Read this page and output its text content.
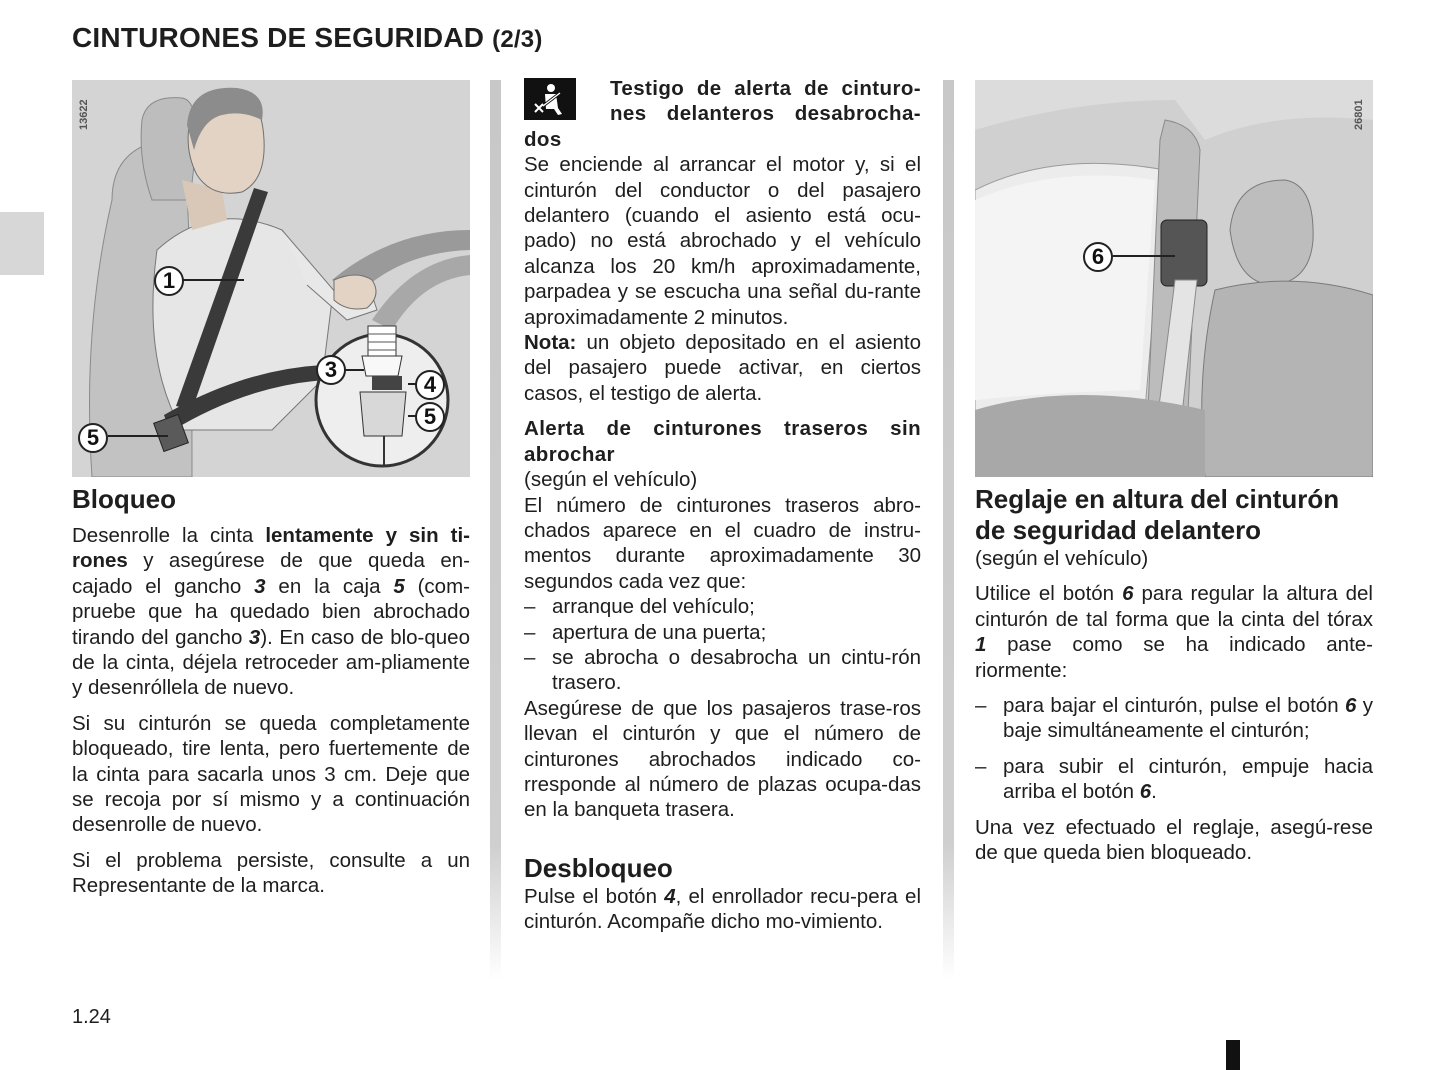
CINTURONES DE SEGURIDAD (2/3)
13622
1
3
4
5
5
26801
6
Bloqueo

Desenrolle la cinta lentamente y sin ti-rones y asegúrese de que queda en-cajado el gancho 3 en la caja 5 (com-pruebe que ha quedado bien abrochado tirando del gancho 3). En caso de blo-queo de la cinta, déjela retroceder am-pliamente y desenróllela de nuevo.

Si su cinturón se queda completamente bloqueado, tire lenta, pero fuertemente de la cinta para sacarla unos 3 cm. Deje que se recoja por sí mismo y a continuación desenrolle de nuevo.

Si el problema persiste, consulte a un Representante de la marca.

Testigo de alerta de cinturo-nes delanteros desabrocha-dos

Se enciende al arrancar el motor y, si el cinturón del conductor o del pasajero delantero (cuando el asiento está ocu-pado) no está abrochado y el vehículo alcanza los 20 km/h aproximadamente, parpadea y se escucha una señal du-rante aproximadamente 2 minutos.

Nota: un objeto depositado en el asiento del pasajero puede activar, en ciertos casos, el testigo de alerta.

Alerta de cinturones traseros sin abrochar

(según el vehículo)

El número de cinturones traseros abro-chados aparece en el cuadro de instru-mentos durante aproximadamente 30 segundos cada vez que:

– arranque del vehículo;
– apertura de una puerta;
– se abrocha o desabrocha un cintu-rón trasero.

Asegúrese de que los pasajeros trase-ros llevan el cinturón y que el número de cinturones abrochados indicado co-rresponde al número de plazas ocupa-das en la banqueta trasera.

Desbloqueo

Pulse el botón 4, el enrollador recu-pera el cinturón. Acompañe dicho mo-vimiento.

Reglaje en altura del cinturón de seguridad delantero

(según el vehículo)

Utilice el botón 6 para regular la altura del cinturón de tal forma que la cinta del tórax 1 pase como se ha indicado ante-riormente:

– para bajar el cinturón, pulse el botón 6 y baje simultáneamente el cinturón;
– para subir el cinturón, empuje hacia arriba el botón 6.

Una vez efectuado el reglaje, asegú-rese de que queda bien bloqueado.

1.24
